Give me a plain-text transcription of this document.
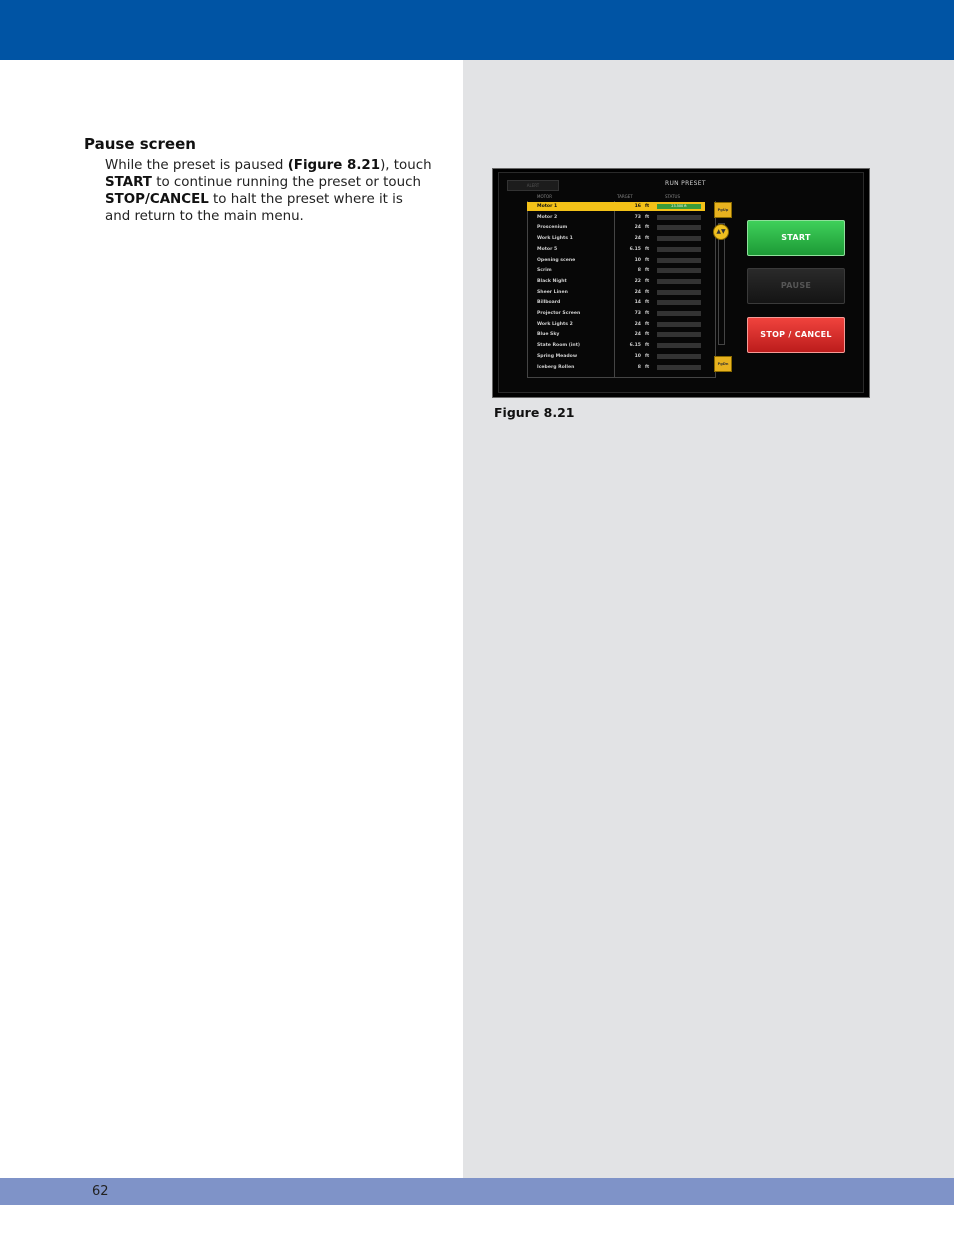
Pause screen

While the preset is paused (Figure 8.21), touch
START to continue running the preset or touch
STOP/CANCEL to halt the preset where it is
and return to the main menu.

ALERT	RUN PRESET
MOTOR	TARGET	STATUS
Motor 1	16 ft	23.500 ft
Motor 2	73 ft
Proscenium	24 ft
Work Lights 1	24 ft
Motor 5	6.15 ft
Opening scene	10 ft
Scrim	8 ft
Black Night	22 ft
Sheer Linen	24 ft
Billboard	14 ft
Projector Screen	73 ft
Work Lights 2	24 ft
Blue Sky	24 ft
State Room (int)	6.15 ft
Spring Meadow	10 ft
Iceberg Rollen	8 ft
PgUp
▲▼
PgDn
START
PAUSE
STOP / CANCEL
Figure 8.21
62
